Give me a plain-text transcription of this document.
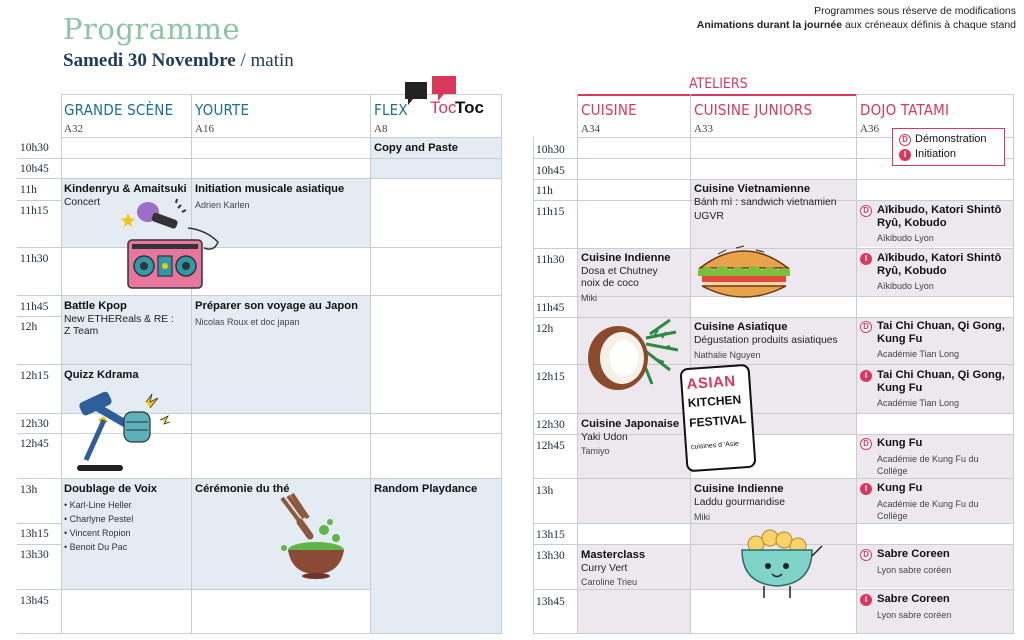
Programme
Samedi 30 Novembre / matin
Programmes sous réserve de modifications
Animations durant la journée aux créneaux définis à chaque stand
GRANDE SCÈNE
A32
YOURTE
A16
FLEX
A8
Toc
Toc
10h30
10h45
11h
11h15
11h30
11h45
12h
12h15
12h30
12h45
13h
13h15
13h30
13h45
Copy and Paste
Kindenryu & Amaitsuki
Concert
Initiation musicale asiatique
Adrien Karlen
Battle Kpop
New ETHEReals & RE :
Z Team
Préparer son voyage au Japon
Nicolas Roux et doc japan
Quizz Kdrama
Doublage de Voix
• Karl-Line Heller
• Charlyne Pestel
• Vincent Ropion
• Benoit Du Pac
Cérémonie du thé	Random Playdance
ATELIERS
CUISINE
A34
CUISINE JUNIORS
A33
DOJO TATAMI
A36
D Démonstration
I Initiation
10h30
10h45
11h
11h15
11h30
11h45
12h
12h15
12h30
12h45
13h
13h15
13h30
13h45
Cuisine Indienne
Dosa et Chutney
noix de coco
Miki
Cuisine Japonaise
Yaki Udon
Tamiyo
Masterclass
Curry Vert
Caroline Trieu
Cuisine Vietnamienne
Bánh mì : sandwich vietnamien
UGVR
Cuisine Asiatique
Dégustation produits asiatiques
Nathalie Nguyen
Cuisine Indienne
Laddu gourmandise
Miki
D Aïkibudo, Katori Shintô
Ryû, Kobudo
Aïkibudo Lyon
I Aïkibudo, Katori Shintô
Ryû, Kobudo
Aïkibudo Lyon
D Tai Chi Chuan, Qi Gong,
Kung Fu
Académie Tian Long
I Tai Chi Chuan, Qi Gong,
Kung Fu
Académie Tian Long
D Kung Fu
Académie de Kung Fu du
Collège
I Kung Fu
Académie de Kung Fu du
Collège
D Sabre Coreen
Lyon sabre coréen
I Sabre Coreen
Lyon sabre coréen
ASIAN
KITCHEN
FESTIVAL
cuisines d 'Asie
